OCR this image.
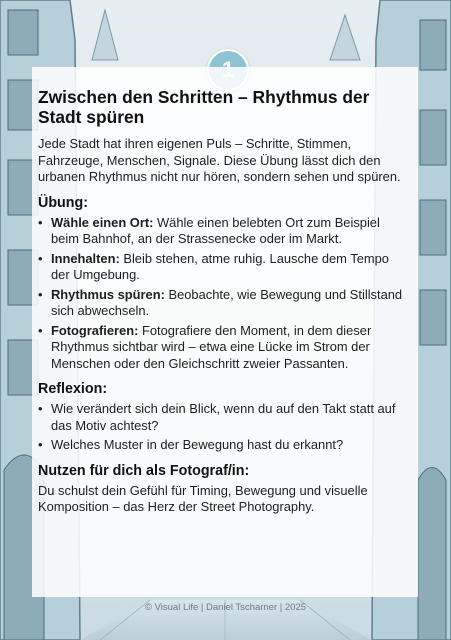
Zwischen den Schritten – Rhythmus der Stadt spüren

Jede Stadt hat ihren eigenen Puls – Schritte, Stimmen, Fahrzeuge, Menschen, Signale. Diese Übung lässt dich den urbanen Rhythmus nicht nur hören, sondern sehen und spüren.

Übung:
• Wähle einen Ort: Wähle einen belebten Ort zum Beispiel beim Bahnhof, an der Strassenecke oder im Markt.
• Innehalten: Bleib stehen, atme ruhig. Lausche dem Tempo der Umgebung.
• Rhythmus spüren: Beobachte, wie Bewegung und Stillstand sich abwechseln.
• Fotografieren: Fotografiere den Moment, in dem dieser Rhythmus sichtbar wird – etwa eine Lücke im Strom der Menschen oder den Gleichschritt zweier Passanten.
Reflexion:
• Wie verändert sich dein Blick, wenn du auf den Takt statt auf das Motiv achtest?
• Welches Muster in der Bewegung hast du erkannt?
Nutzen für dich als Fotograf/in:

Du schulst dein Gefühl für Timing, Bewegung und visuelle Komposition – das Herz der Street Photography.

© Visual Life | Daniel Tscharner | 2025
